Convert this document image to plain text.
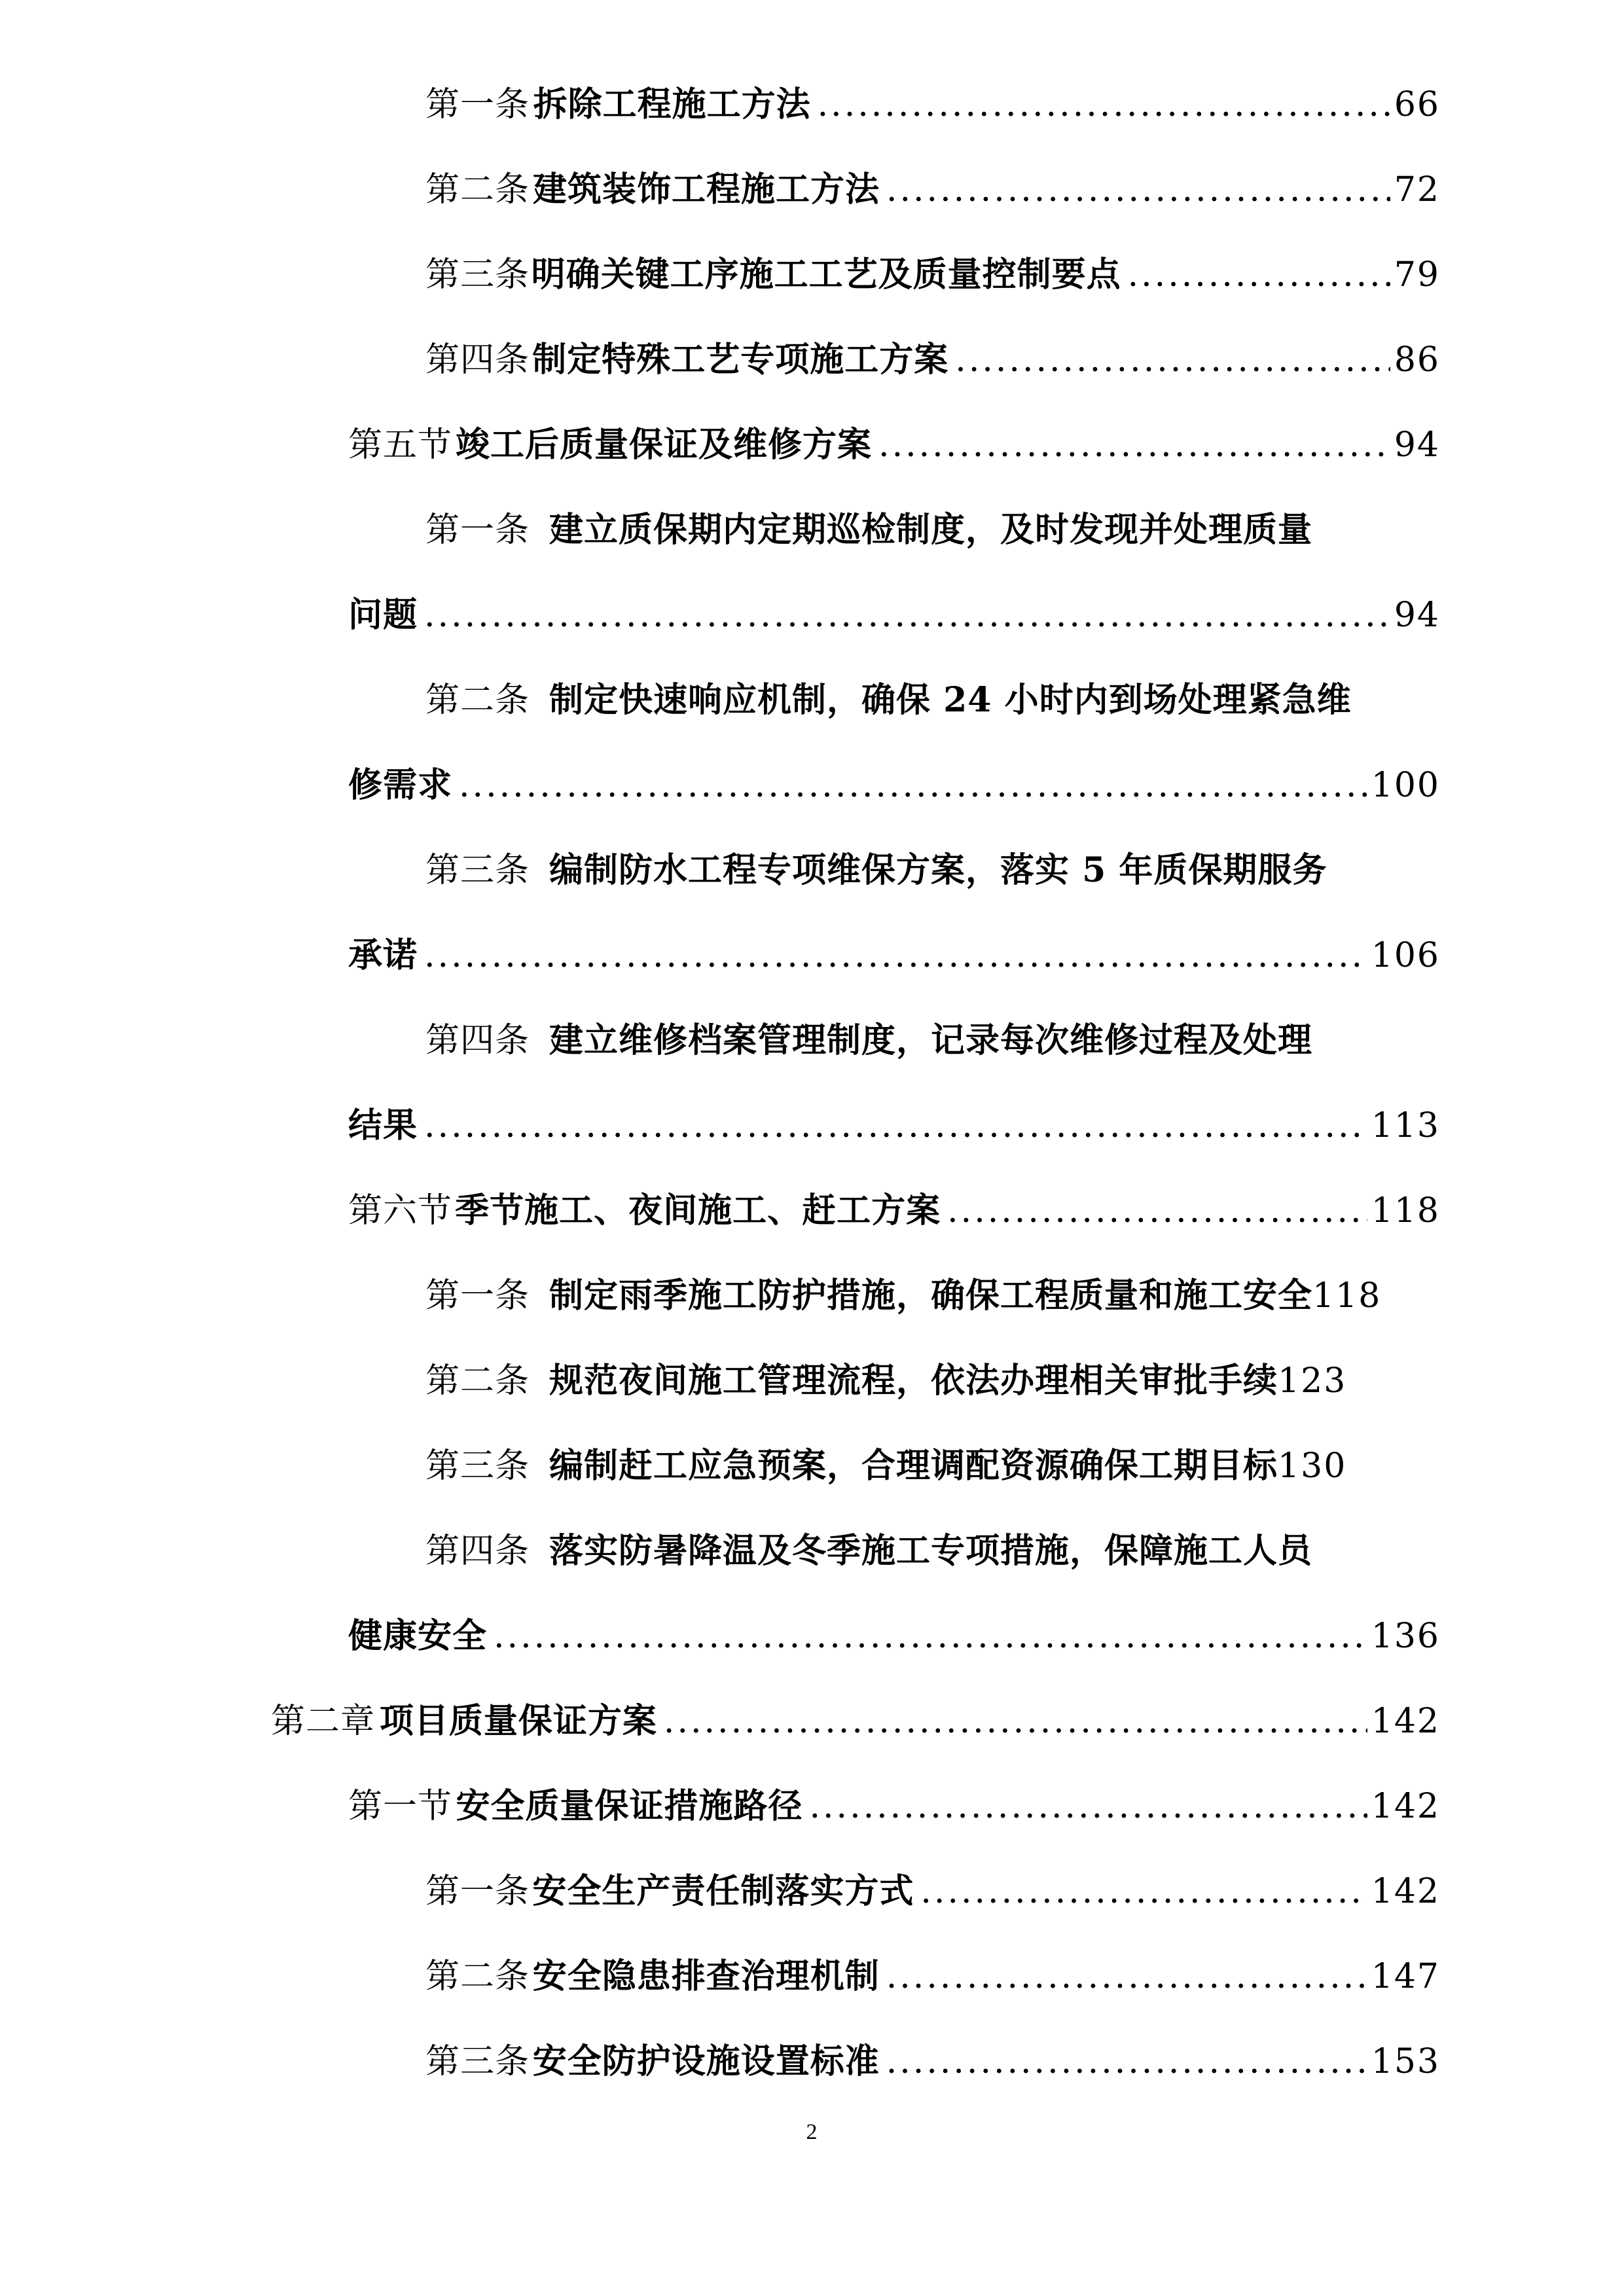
第一条 拆除工程施工方法 .....	66
第二条 建筑装饰工程施工方法 .....	72
第三条 明确关键工序施工工艺及质量控制要点 .....	79
第四条 制定特殊工艺专项施工方案 .....	86
第五节 竣工后质量保证及维修方案 .....	94
第一条 建立质保期内定期巡检制度，及时发现并处理质量
问题 .....	94
第二条 制定快速响应机制，确保 24 小时内到场处理紧急维
修需求 .....	100
第三条 编制防水工程专项维保方案，落实 5 年质保期服务
承诺 .....	106
第四条 建立维修档案管理制度，记录每次维修过程及处理
结果 .....	113
第六节 季节施工、夜间施工、赶工方案 .....	118
第一条 制定雨季施工防护措施，确保工程质量和施工安全 118
第二条 规范夜间施工管理流程，依法办理相关审批手续 123
第三条 编制赶工应急预案，合理调配资源确保工期目标 130
第四条 落实防暑降温及冬季施工专项措施，保障施工人员
健康安全 .....	136
第二章 项目质量保证方案 .....	142
第一节 安全质量保证措施路径 .....	142
第一条 安全生产责任制落实方式 .....	142
第二条 安全隐患排查治理机制 .....	147
第三条 安全防护设施设置标准 .....	153
2
